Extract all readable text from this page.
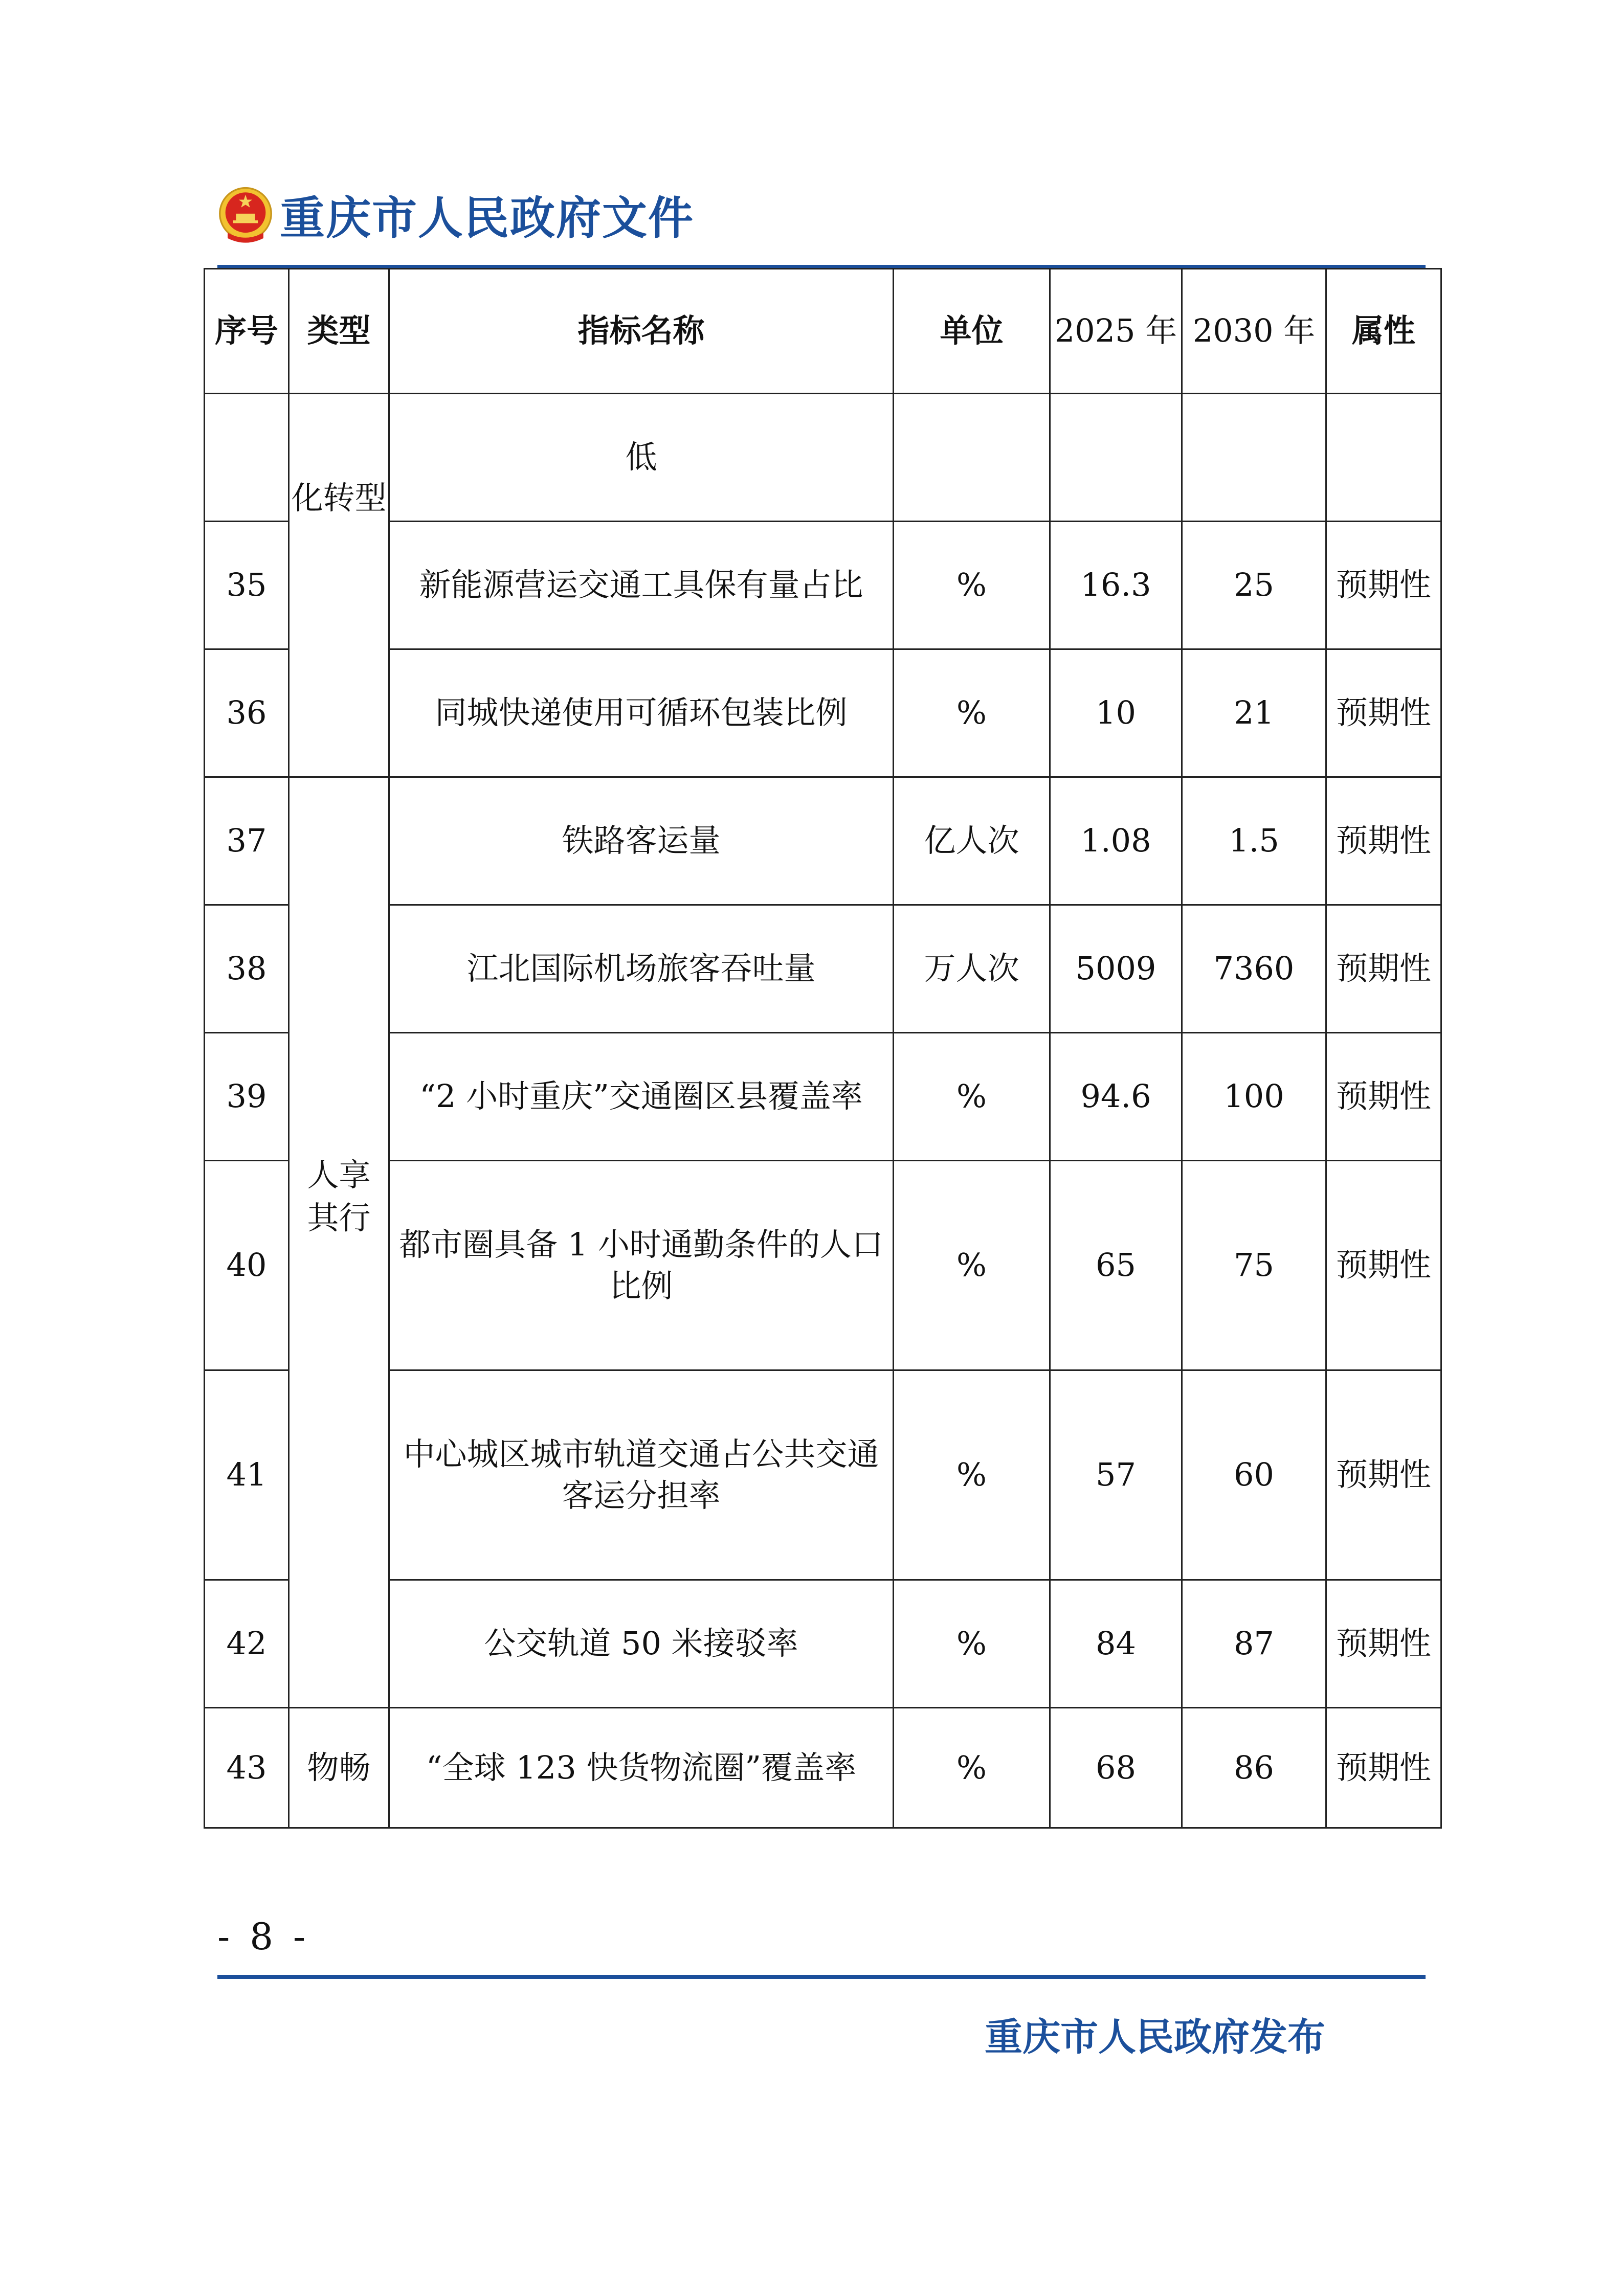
重庆市人民政府文件
序号	类型	指标名称	单位	2025 年	2030 年	属性

	化转型	低				
35		新能源营运交通工具保有量占比	%	16.3	25	预期性
36		同城快递使用可循环包装比例	%	10	21	预期性
37	人享其行	铁路客运量	亿人次	1.08	1.5	预期性
38		江北国际机场旅客吞吐量	万人次	5009	7360	预期性
39		“2 小时重庆”交通圈区县覆盖率	%	94.6	100	预期性
40		都市圈具备 1 小时通勤条件的人口比例	%	65	75	预期性
41		中心城区城市轨道交通占公共交通客运分担率	%	57	60	预期性
42		公交轨道 50 米接驳率	%	84	87	预期性
43	物畅	“全球 123 快货物流圈”覆盖率	%	68	86	预期性
- 8 -
重庆市人民政府发布
